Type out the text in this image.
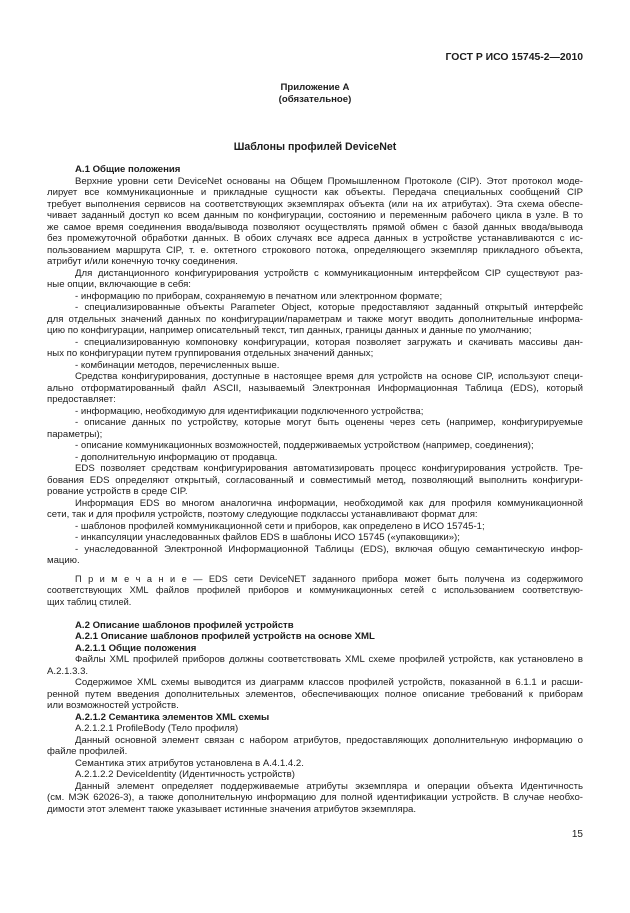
ГОСТ Р ИСО 15745-2—2010
Приложение А
(обязательное)
Шаблоны профилей DeviceNet
А.1 Общие положения
Верхние уровни сети DeviceNet основаны на Общем Промышленном Протоколе (CIP). Этот протокол моде-
лирует все коммуникационные и прикладные сущности как объекты. Передача специальных сообщений CIP
требует выполнения сервисов на соответствующих экземплярах объекта (или на их атрибутах). Эта схема обеспе-
чивает заданный доступ ко всем данным по конфигурации, состоянию и переменным рабочего цикла в узле. В то
же самое время соединения ввода/вывода позволяют осуществлять прямой обмен с базой данных ввода/вывода
без промежуточной обработки данных. В обоих случаях все адреса данных в устройстве устанавливаются с ис-
пользованием маршрута CIP, т. е. октетного строкового потока, определяющего экземпляр прикладного объекта,
атрибут и/или конечную точку соединения.
Для дистанционного конфигурирования устройств с коммуникационным интерфейсом CIP существуют раз-
ные опции, включающие в себя:
- информацию по приборам, сохраняемую в печатном или электронном формате;
- специализированные объекты Parameter Object, которые предоставляют заданный открытый интерфейс
для отдельных значений данных по конфигурации/параметрам и также могут вводить дополнительные информа-
цию по конфигурации, например описательный текст, тип данных, границы данных и данные по умолчанию;
- специализированную компоновку конфигурации, которая позволяет загружать и скачивать массивы дан-
ных по конфигурации путем группирования отдельных значений данных;
- комбинации методов, перечисленных выше.
Средства конфигурирования, доступные в настоящее время для устройств на основе CIP, используют специ-
ально отформатированный файл ASCII, называемый Электронная Информационная Таблица (EDS), который
предоставляет:
- информацию, необходимую для идентификации подключенного устройства;
- описание данных по устройству, которые могут быть оценены через сеть (например, конфигурируемые
параметры);
- описание коммуникационных возможностей, поддерживаемых устройством (например, соединения);
- дополнительную информацию от продавца.
EDS позволяет средствам конфигурирования автоматизировать процесс конфигурирования устройств. Тре-
бования EDS определяют открытый, согласованный и совместимый метод, позволяющий выполнить конфигури-
рование устройств в среде CIP.
Информация EDS во многом аналогична информации, необходимой как для профиля коммуникационной
сети, так и для профиля устройств, поэтому следующие подклассы устанавливают формат для:
- шаблонов профилей коммуникационной сети и приборов, как определено в ИСО 15745-1;
- инкапсуляции унаследованных файлов EDS в шаблоны ИСО 15745 («упаковщики»);
- унаследованной Электронной Информационной Таблицы (EDS), включая общую семантическую инфор-
мацию.
П р и м е ч а н и е — EDS сети DeviceNET заданного прибора может быть получена из содержимого
соответствующих XML файлов профилей приборов и коммуникационных сетей с использованием соответствую-
щих таблиц стилей.
А.2 Описание шаблонов профилей устройств
А.2.1 Описание шаблонов профилей устройств на основе XML
А.2.1.1 Общие положения
Файлы XML профилей приборов должны соответствовать XML схеме профилей устройств, как установлено в
А.2.1.3.3.
Содержимое XML схемы выводится из диаграмм классов профилей устройств, показанной в 6.1.1 и расши-
ренной путем введения дополнительных элементов, обеспечивающих полное описание требований к приборам
или возможностей устройств.
А.2.1.2 Семантика элементов XML схемы
А.2.1.2.1 ProfileBody (Тело профиля)
Данный основной элемент связан с набором атрибутов, предоставляющих дополнительную информацию о
файле профилей.
Семантика этих атрибутов установлена в А.4.1.4.2.
А.2.1.2.2 DeviceIdentity (Идентичность устройств)
Данный элемент определяет поддерживаемые атрибуты экземпляра и операции объекта Идентичность
(см. МЭК 62026-3), а также дополнительную информацию для полной идентификации устройств. В случае необхо-
димости этот элемент также указывает истинные значения атрибутов экземпляра.
15
